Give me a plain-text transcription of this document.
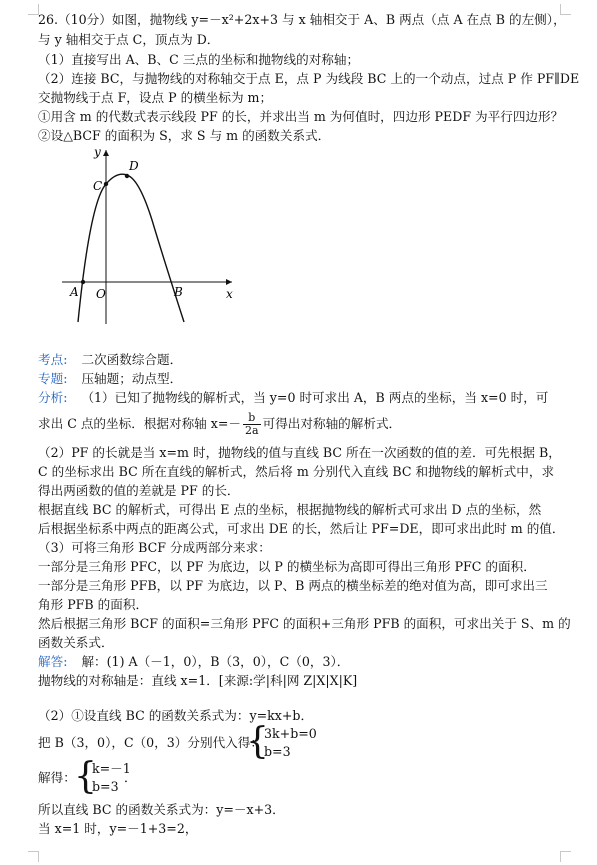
26.（10分）如图，抛物线 y=－x²+2x+3 与 x 轴相交于 A、B 两点（点 A 在点 B 的左侧），
与 y 轴相交于点 C，顶点为 D．
（1）直接写出 A、B、C 三点的坐标和抛物线的对称轴；
（2）连接 BC，与抛物线的对称轴交于点 E，点 P 为线段 BC 上的一个动点，过点 P 作 PF∥DE
交抛物线于点 F，设点 P 的横坐标为 m；
①用含 m 的代数式表示线段 PF 的长，并求出当 m 为何值时，四边形 PEDF 为平行四边形？
②设△BCF 的面积为 S，求 S 与 m 的函数关系式．
y
x
D
C
A O	B
考点: 二次函数综合题．
专题: 压轴题；动点型．
分析: （1）已知了抛物线的解析式，当 y=0 时可求出 A，B 两点的坐标，当 x=0 时，可
求出 C 点的坐标．根据对称轴 $x=- \frac{b}{2a}$ 可得出对称轴的解析式．
（2）PF 的长就是当 x=m 时，抛物线的值与直线 BC 所在一次函数的值的差．可先根据 B，
C 的坐标求出 BC 所在直线的解析式，然后将 m 分别代入直线 BC 和抛物线的解析式中，求
得出两函数的值的差就是 PF 的长．
根据直线 BC 的解析式，可得出 E 点的坐标，根据抛物线的解析式可求出 D 点的坐标，然
后根据坐标系中两点的距离公式，可求出 DE 的长，然后让 PF=DE，即可求出此时 m 的值．
（3）可将三角形 BCF 分成两部分来求：
一部分是三角形 PFC，以 PF 为底边，以 P 的横坐标为高即可得出三角形 PFC 的面积．
一部分是三角形 PFB，以 PF 为底边，以 P、B 两点的横坐标差的绝对值为高，即可求出三
角形 PFB 的面积．
然后根据三角形 BCF 的面积=三角形 PFC 的面积+三角形 PFB 的面积，可求出关于 S、m 的
函数关系式．
解答: 解：(1) A（－1，0），B（3，0），C（0，3）．
抛物线的对称轴是：直线 x=1．[来源:学|科|网 Z|X|X|K]
（2）①设直线 BC 的函数关系式为：y=kx+b．
把 B（3，0），C（0，3）分别代入得：
{
3k+b=0
b=3
解得：
{
k=－1
b=3
．
所以直线 BC 的函数关系式为：y=－x+3．
当 x=1 时，y=－1+3=2，
